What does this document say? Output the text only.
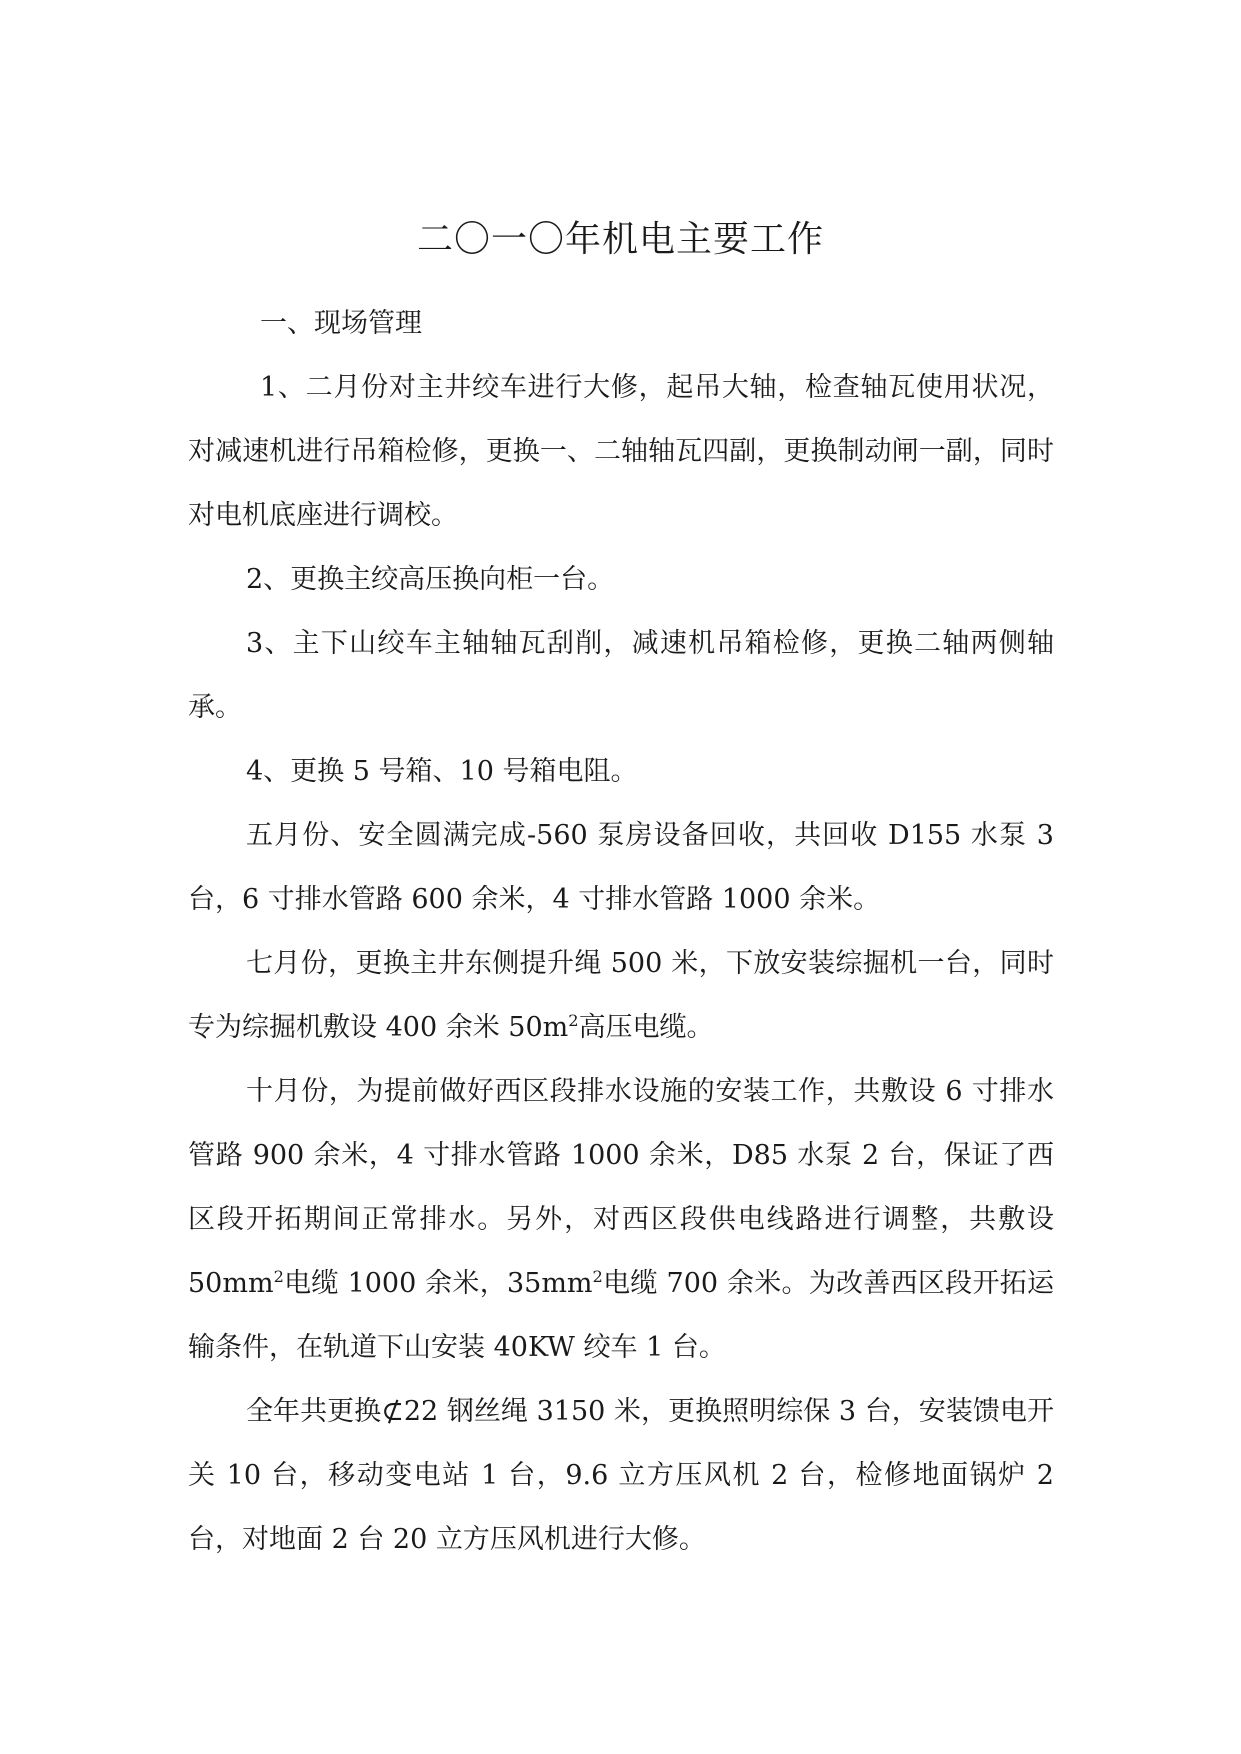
二〇一〇年机电主要工作

一、现场管理

1、二月份对主井绞车进行大修，起吊大轴，检查轴瓦使用状况，对减速机进行吊箱检修，更换一、二轴轴瓦四副，更换制动闸一副，同时对电机底座进行调校。

2、更换主绞高压换向柜一台。

3、主下山绞车主轴轴瓦刮削，减速机吊箱检修，更换二轴两侧轴承。

4、更换 5 号箱、10 号箱电阻。

五月份、安全圆满完成-560 泵房设备回收，共回收 D155 水泵 3 台，6 寸排水管路 600 余米，4 寸排水管路 1000 余米。

七月份，更换主井东侧提升绳 500 米，下放安装综掘机一台，同时专为综掘机敷设 400 余米 $50m^2$高压电缆。

十月份，为提前做好西区段排水设施的安装工作，共敷设 6 寸排水管路 900 余米，4 寸排水管路 1000 余米，D85 水泵 2 台，保证了西区段开拓期间正常排水。另外，对西区段供电线路进行调整，共敷设 $50mm^2$电缆 1000 余米，$35mm^2$电缆 700 余米。为改善西区段开拓运输条件，在轨道下山安装 40KW 绞车 1 台。

全年共更换⊄22 钢丝绳 3150 米，更换照明综保 3 台，安装馈电开关 10 台，移动变电站 1 台，9.6 立方压风机 2 台，检修地面锅炉 2 台，对地面 2 台 20 立方压风机进行大修。
